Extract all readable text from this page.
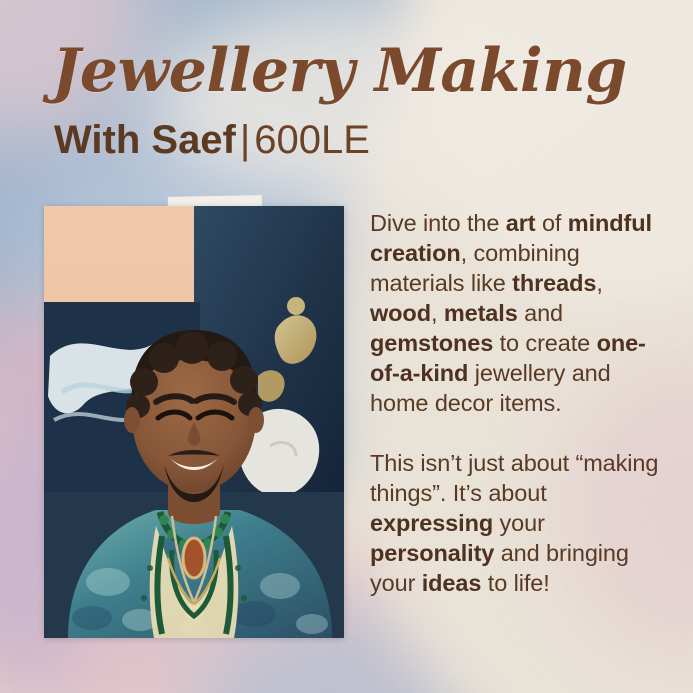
Jewellery Making
With Saef | 600LE

Dive into the art of mindful creation, combining materials like threads, wood, metals and gemstones to create one-of-a-kind jewellery and home decor items.

This isn’t just about “making things”. It’s about expressing your personality and bringing your ideas to life!
